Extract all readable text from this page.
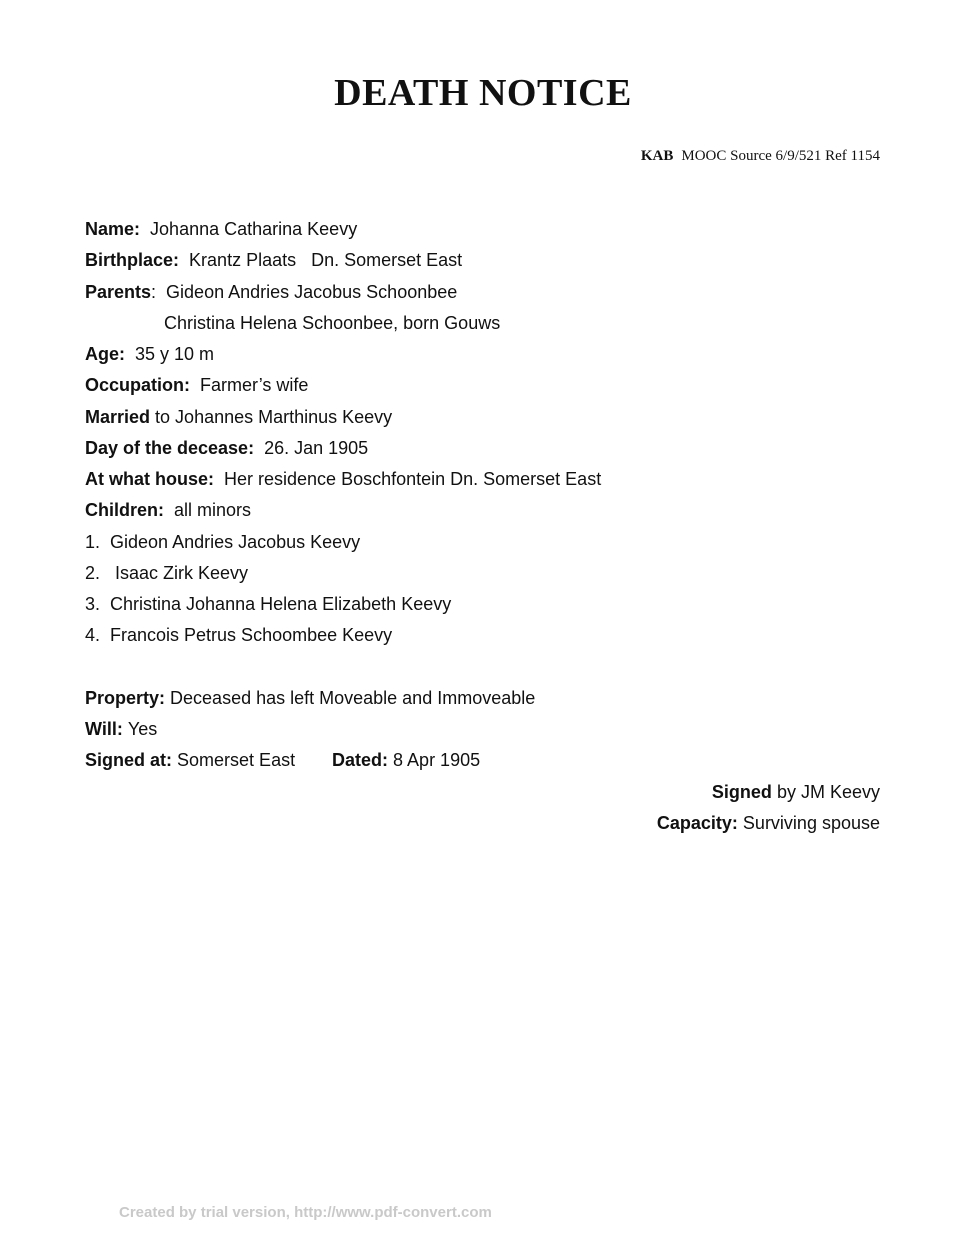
DEATH NOTICE
KAB MOOC Source 6/9/521 Ref 1154
Name: Johanna Catharina Keevy
Birthplace: Krantz Plaats   Dn. Somerset East
Parents:  Gideon Andries Jacobus Schoonbee
Christina Helena Schoonbee, born Gouws
Age: 35 y 10 m
Occupation: Farmer’s wife
Married to Johannes Marthinus Keevy
Day of the decease: 26. Jan 1905
At what house: Her residence Boschfontein Dn. Somerset East
Children: all minors
1.  Gideon Andries Jacobus Keevy
2.   Isaac Zirk Keevy
3.  Christina Johanna Helena Elizabeth Keevy
4.  Francois Petrus Schoombee Keevy
Property: Deceased has left Moveable and Immoveable
Will: Yes
Signed at: Somerset East Dated: 8 Apr 1905
Signed by JM Keevy
Capacity: Surviving spouse
Created by trial version, http://www.pdf-convert.com
